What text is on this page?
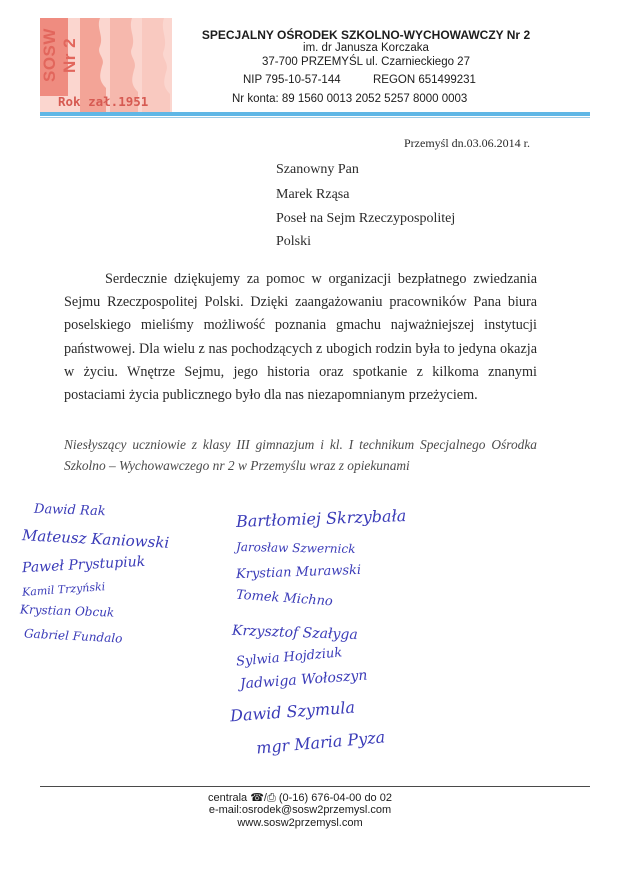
SOSW Nr 2
Rok zał.1951
SPECJALNY OŚRODEK SZKOLNO-WYCHOWAWCZY Nr 2
im. dr Janusza Korczaka
37-700 PRZEMYŚL ul. Czarnieckiego 27
NIP 795-10-57-144	REGON 651499231
Nr konta: 89 1560 0013 2052 5257 8000 0003
Przemyśl dn.03.06.2014 r.
Szanowny Pan
Marek Rząsa
Poseł na Sejm Rzeczypospolitej
Polski
Serdecznie dziękujemy za pomoc w organizacji bezpłatnego zwiedzania Sejmu Rzeczpospolitej Polski. Dzięki zaangażowaniu pracowników Pana biura poselskiego mieliśmy możliwość poznania gmachu najważniejszej instytucji państwowej. Dla wielu z nas pochodzących z ubogich rodzin była to jedyna okazja w życiu. Wnętrze Sejmu, jego historia oraz spotkanie z kilkoma znanymi postaciami życia publicznego było dla nas niezapomnianym przeżyciem.
Niesłyszący uczniowie z klasy III gimnazjum i kl. I technikum Specjalnego Ośrodka Szkolno – Wychowawczego nr 2 w Przemyślu wraz z opiekunami
Dawid Rak
Mateusz Kaniowski
Paweł Prystupiuk
Kamil Trzyński
Krystian Obcuk
Gabriel Fundalo
Bartłomiej Skrzybała
Jarosław Szwernick
Krystian Murawski
Tomek Michno
Krzysztof Szałyga
Sylwia Hojdziuk
Jadwiga Wołoszyn
Dawid Szymula
mgr Maria Pyza
centrala ☎/⎙ (0-16) 676-04-00 do 02
e-mail:osrodek@sosw2przemysl.com
www.sosw2przemysl.com
